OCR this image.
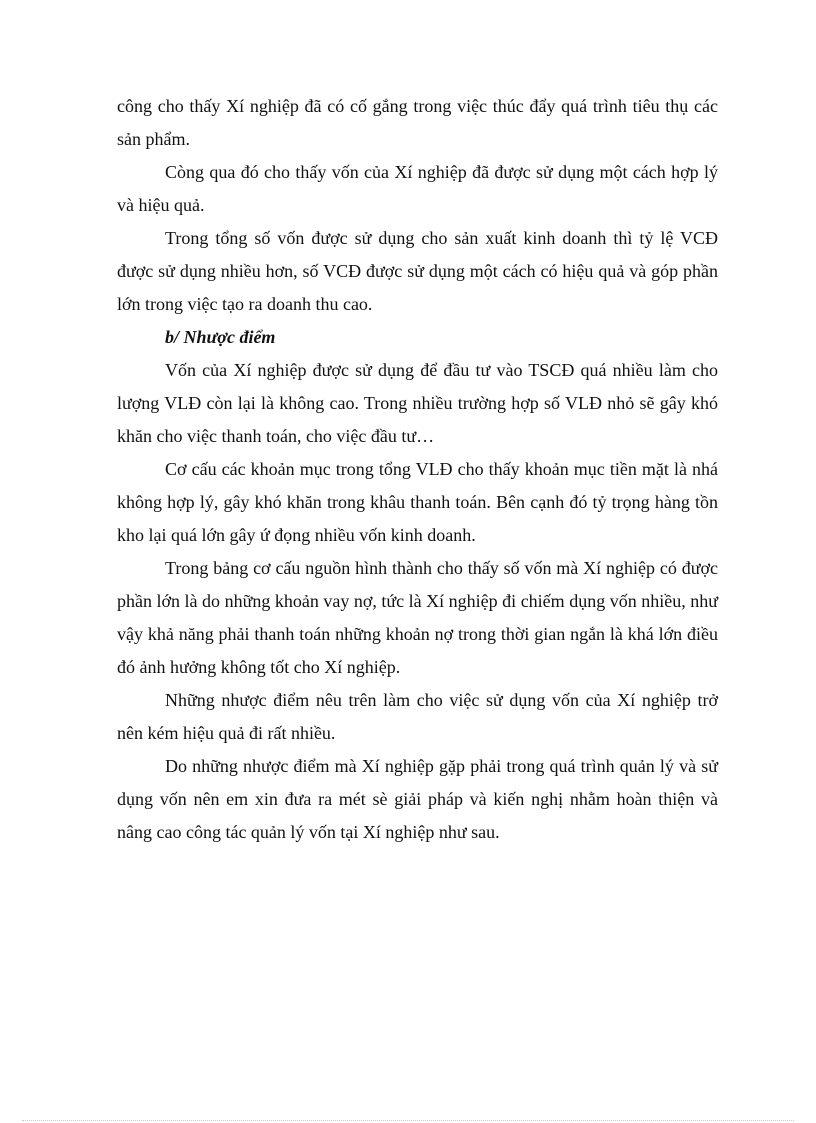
công cho thấy Xí nghiệp đã có cố gắng trong việc thúc đẩy quá trình tiêu thụ các sản phẩm.

Còng qua đó cho thấy vốn của Xí nghiệp đã được sử dụng một cách hợp lý và hiệu quả.

Trong tổng số vốn được sử dụng cho sản xuất kinh doanh thì tỷ lệ VCĐ được sử dụng nhiều hơn, số VCĐ được sử dụng một cách có hiệu quả và góp phần lớn trong việc tạo ra doanh thu cao.

b/ Nhược điểm

Vốn của Xí nghiệp được sử dụng để đầu tư vào TSCĐ quá nhiều làm cho lượng VLĐ còn lại là không cao. Trong nhiều trường hợp số VLĐ nhỏ sẽ gây khó khăn cho việc thanh toán, cho việc đầu tư…

Cơ cấu các khoản mục trong tổng VLĐ cho thấy khoản mục tiền mặt là nhá không hợp lý, gây khó khăn trong khâu thanh toán. Bên cạnh đó tỷ trọng hàng tồn kho lại quá lớn gây ứ đọng nhiều vốn kinh doanh.

Trong bảng cơ cấu nguồn hình thành cho thấy số vốn mà Xí nghiệp có được phần lớn là do những khoản vay nợ, tức là Xí nghiệp đi chiếm dụng vốn nhiều, như vậy khả năng phải thanh toán những khoản nợ trong thời gian ngắn là khá lớn điều đó ảnh hưởng không tốt cho Xí nghiệp.

Những nhược điểm nêu trên làm cho việc sử dụng vốn của Xí nghiệp trở nên kém hiệu quả đi rất nhiều.

Do những nhược điểm mà Xí nghiệp gặp phải trong quá trình quản lý và sử dụng vốn nên em xin đưa ra mét sè giải pháp và kiến nghị nhằm hoàn thiện và nâng cao công tác quản lý vốn tại Xí nghiệp như sau.
